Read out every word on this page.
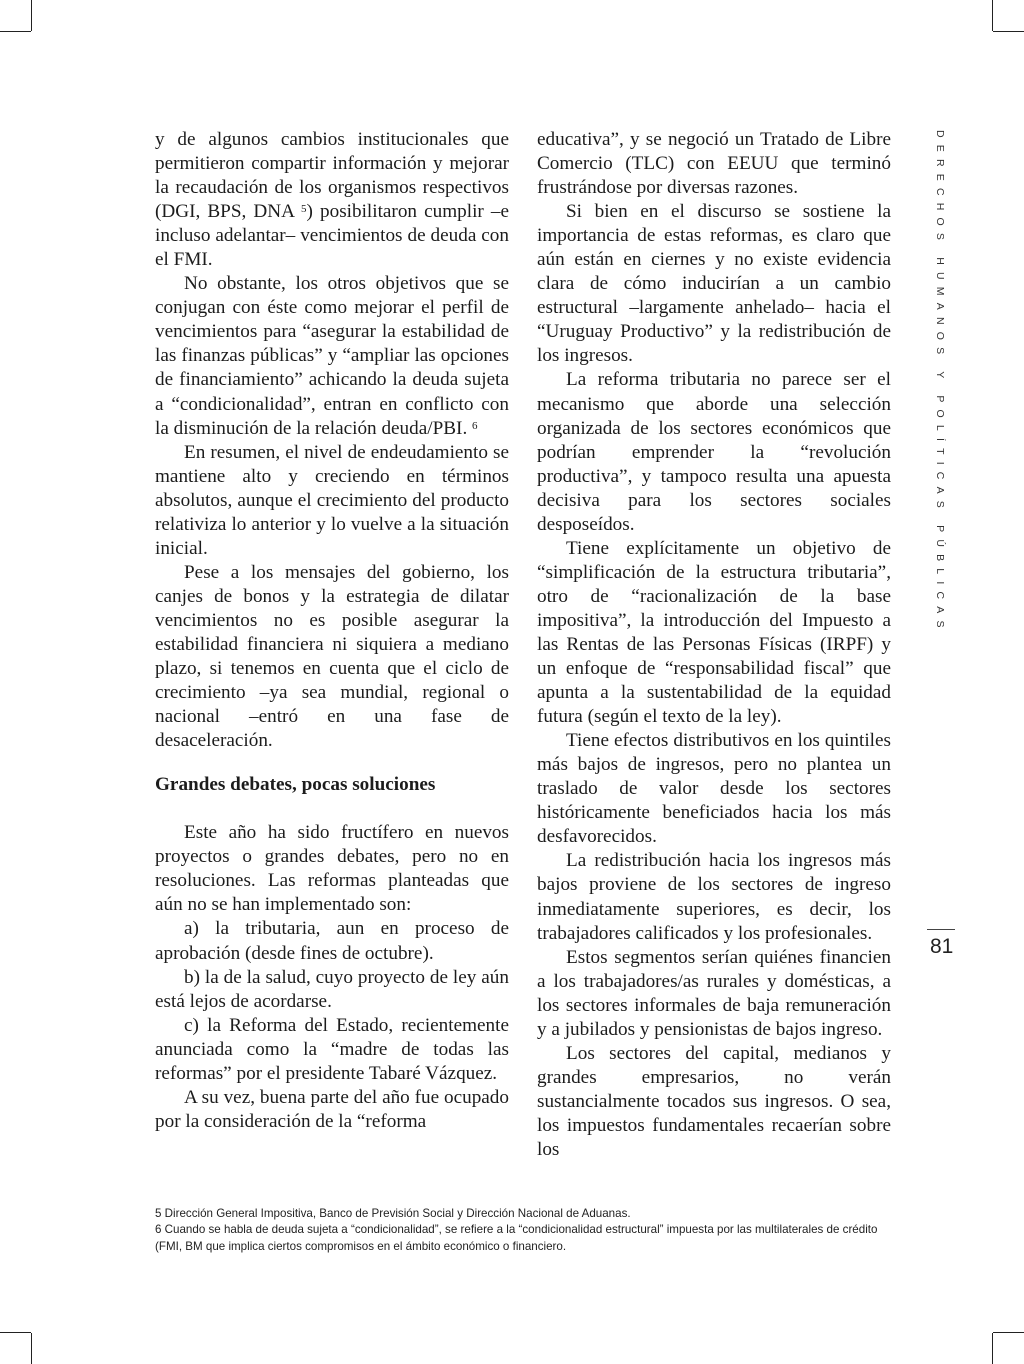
DERECHOS HUMANOS Y POLÍTICAS PÚBLICAS

y de algunos cambios institucionales que permitieron compartir información y mejorar la recaudación de los organismos respectivos (DGI, BPS, DNA $^5$) posibilitaron cumplir –e incluso adelantar– vencimientos de deuda con el FMI.

No obstante, los otros objetivos que se conjugan con éste como mejorar el perfil de vencimientos para “asegurar la estabilidad de las finanzas públicas” y “ampliar las opciones de financiamiento” achicando la deuda sujeta a “condicionalidad”, entran en conflicto con la disminución de la relación deuda/PBI. $^6$

En resumen, el nivel de endeudamiento se mantiene alto y creciendo en términos absolutos, aunque el crecimiento del producto relativiza lo anterior y lo vuelve a la situación inicial.

Pese a los mensajes del gobierno, los canjes de bonos y la estrategia de dilatar vencimientos no es posible asegurar la estabilidad financiera ni siquiera a mediano plazo, si tenemos en cuenta que el ciclo de crecimiento –ya sea mundial, regional o nacional –entró en una fase de desaceleración.

Grandes debates, pocas soluciones

Este año ha sido fructífero en nuevos proyectos o grandes debates, pero no en resoluciones. Las reformas planteadas que aún no se han implementado son:

a) la tributaria, aun en proceso de aprobación (desde fines de octubre).

b) la de la salud, cuyo proyecto de ley aún está lejos de acordarse.

c) la Reforma del Estado, recientemente anunciada como la “madre de todas las reformas” por el presidente Tabaré Vázquez.

A su vez, buena parte del año fue ocupado por la consideración de la “reforma

educativa”, y se negoció un Tratado de Libre Comercio (TLC) con EEUU que terminó frustrándose por diversas razones.

Si bien en el discurso se sostiene la importancia de estas reformas, es claro que aún están en ciernes y no existe evidencia clara de cómo inducirían a un cambio estructural –largamente anhelado– hacia el “Uruguay Productivo” y la redistribución de los ingresos.

La reforma tributaria no parece ser el mecanismo que aborde una selección organizada de los sectores económicos que podrían emprender la “revolución productiva”, y tampoco resulta una apuesta decisiva para los sectores sociales desposeídos.

Tiene explícitamente un objetivo de “simplificación de la estructura tributaria”, otro de “racionalización de la base impositiva”, la introducción del Impuesto a las Rentas de las Personas Físicas (IRPF) y un enfoque de “responsabilidad fiscal” que apunta a la sustentabilidad de la equidad futura (según el texto de la ley).

Tiene efectos distributivos en los quintiles más bajos de ingresos, pero no plantea un traslado de valor desde los sectores históricamente beneficiados hacia los más desfavorecidos.

La redistribución hacia los ingresos más bajos proviene de los sectores de ingreso inmediatamente superiores, es decir, los trabajadores calificados y los profesionales.

Estos segmentos serían quiénes financien a los trabajadores/as rurales y domésticas, a los sectores informales de baja remuneración y a jubilados y pensionistas de bajos ingreso.

Los sectores del capital, medianos y grandes empresarios, no verán sustancialmente tocados sus ingresos. O sea, los impuestos fundamentales recaerían sobre los

81

5 Dirección General Impositiva, Banco de Previsión Social y Dirección Nacional de Aduanas.

6 Cuando se habla de deuda sujeta a “condicionalidad”, se refiere a la “condicionalidad estructural” impuesta por las multilaterales de crédito (FMI, BM que implica ciertos compromisos en el ámbito económico o financiero.
